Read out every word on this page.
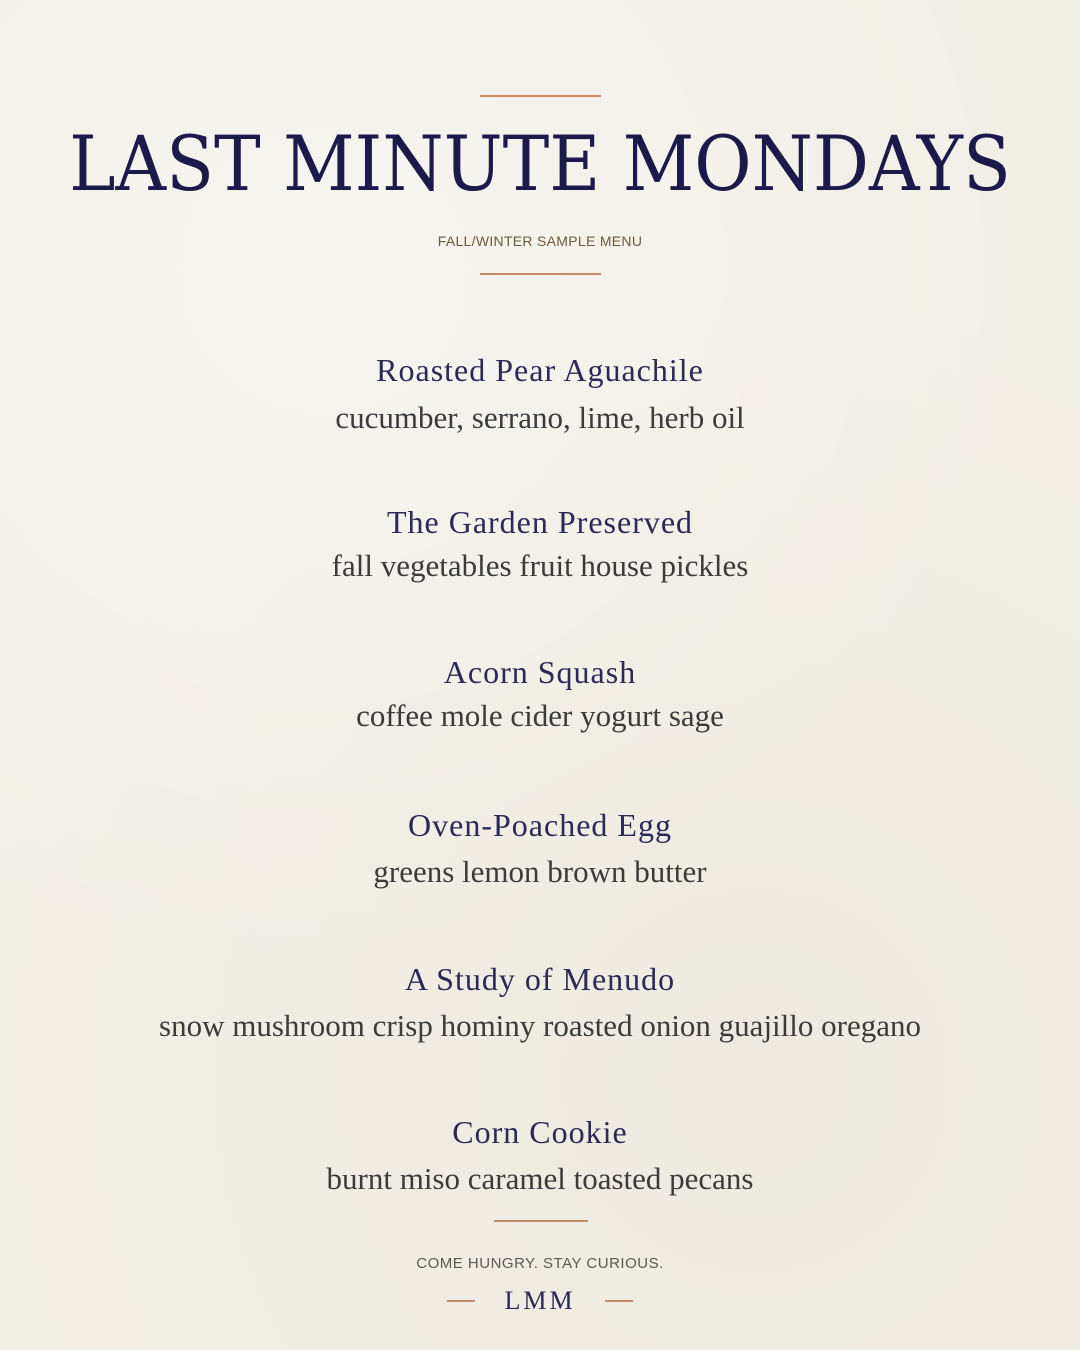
LAST MINUTE MONDAYS
FALL/WINTER SAMPLE MENU
Roasted Pear Aguachile
cucumber, serrano, lime, herb oil
The Garden Preserved
fall vegetables fruit house pickles
Acorn Squash
coffee mole cider yogurt sage
Oven-Poached Egg
greens lemon brown butter
A Study of Menudo
snow mushroom crisp hominy roasted onion guajillo oregano
Corn Cookie
burnt miso caramel toasted pecans
COME HUNGRY. STAY CURIOUS.
LMM
